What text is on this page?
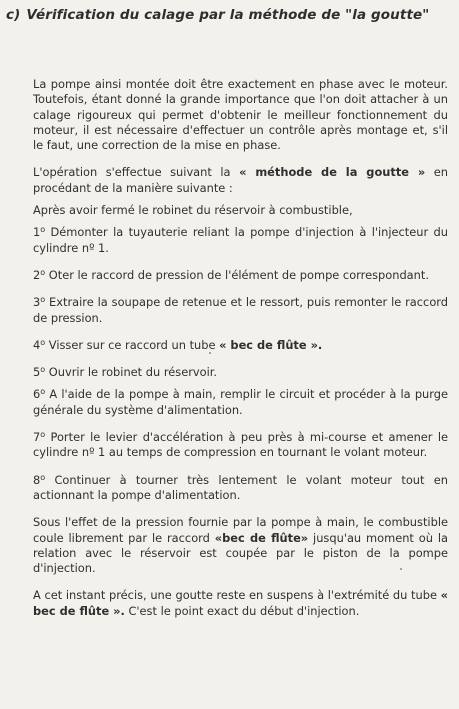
c) Vérification du calage par la méthode de "la goutte"

La pompe ainsi montée doit être exactement en phase avec le moteur. Toutefois, étant donné la grande importance que l'on doit attacher à un calage rigoureux qui permet d'obtenir le meilleur fonctionnement du moteur, il est nécessaire d'effectuer un contrôle après montage et, s'il le faut, une correction de la mise en phase.

L'opération s'effectue suivant la « méthode de la goutte » en procédant de la manière suivante :

Après avoir fermé le robinet du réservoir à combustible,

1$^o$ Démonter la tuyauterie reliant la pompe d'injection à l'injecteur du cylindre nº 1.

2$^o$ Oter le raccord de pression de l'élément de pompe correspondant.

3$^o$ Extraire la soupape de retenue et le ressort, puis remonter le raccord de pression.

4$^o$ Visser sur ce raccord un tube « bec de flûte ».

5$^o$ Ouvrir le robinet du réservoir.

6$^o$ A l'aide de la pompe à main, remplir le circuit et procéder à la purge générale du système d'alimentation.

7$^o$ Porter le levier d'accélération à peu près à mi-course et amener le cylindre nº 1 au temps de compression en tournant le volant moteur.

8$^o$ Continuer à tourner très lentement le volant moteur tout en actionnant la pompe d'alimentation.

Sous l'effet de la pression fournie par la pompe à main, le combustible coule librement par le raccord «bec de flûte» jusqu'au moment où la relation avec le réservoir est coupée par le piston de la pompe d'injection.

A cet instant précis, une goutte reste en suspens à l'extrémité du tube « bec de flûte ». C'est le point exact du début d'injection.
